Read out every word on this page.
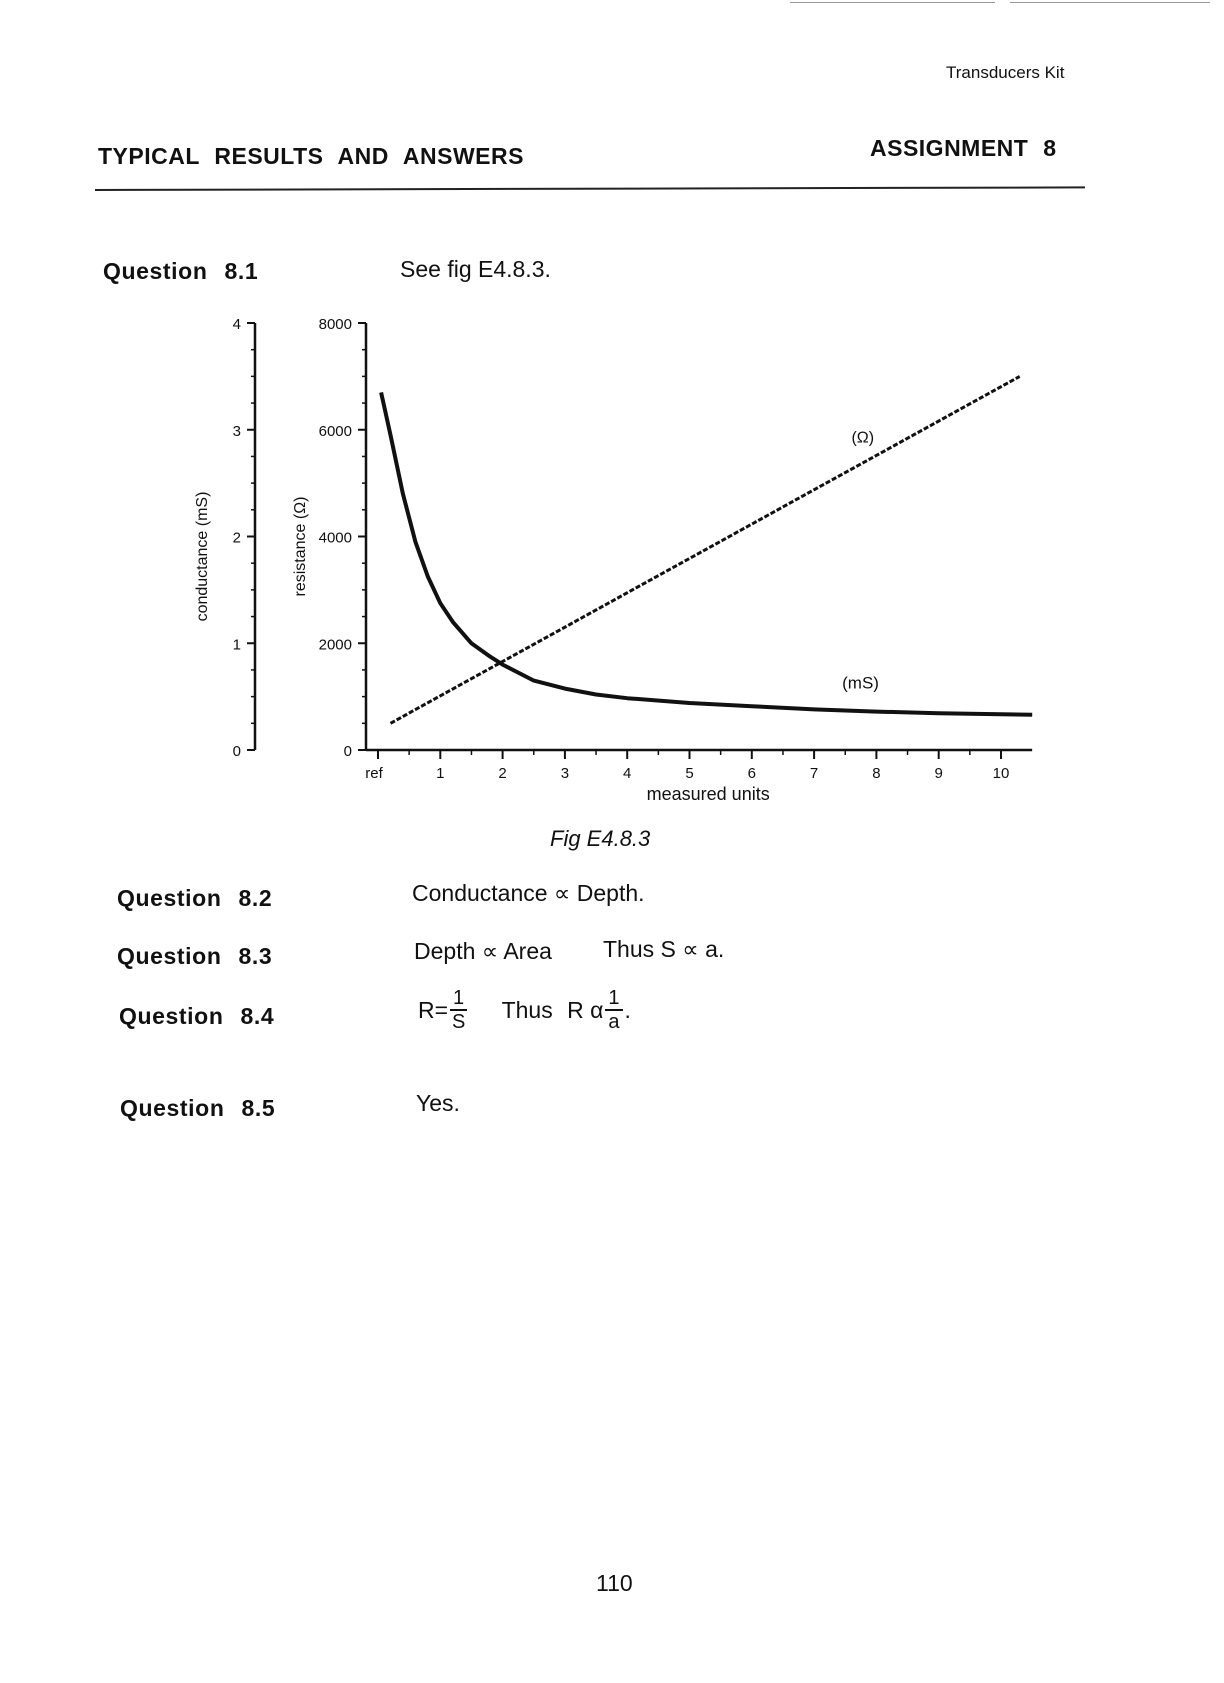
Transducers Kit
TYPICAL RESULTS AND ANSWERS	ASSIGNMENT 8
Question 8.1	See fig E4.8.3.
0
1
2
3
4
conductance (mS)
0
2000
4000
6000
8000
resistance (Ω)
ref	1	2	3	4	5	6	7	8	9	10
measured units
(Ω)
(mS)
Fig E4.8.3
Question 8.2	Conductance ∝ Depth.
Question 8.3	Depth ∝ Area Thus S ∝ a.
Question 8.4	$R= \frac{1}{S}$ Thus R α $\frac{1}{a}$ .
Question 8.5	Yes.
110
